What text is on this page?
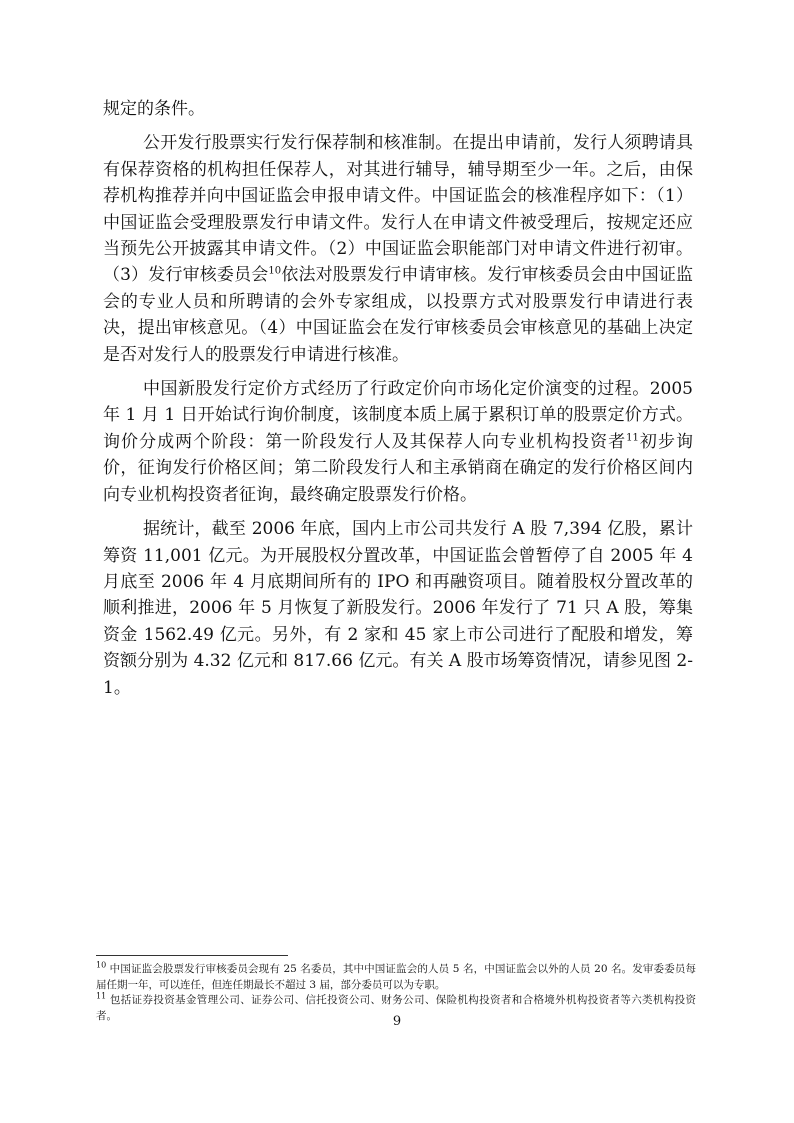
规定的条件。

公开发行股票实行发行保荐制和核准制。在提出申请前，发行人须聘请具有保荐资格的机构担任保荐人，对其进行辅导，辅导期至少一年。之后，由保荐机构推荐并向中国证监会申报申请文件。中国证监会的核准程序如下：（1）中国证监会受理股票发行申请文件。发行人在申请文件被受理后，按规定还应当预先公开披露其申请文件。（2）中国证监会职能部门对申请文件进行初审。（3）发行审核委员会$^{10}$依法对股票发行申请审核。发行审核委员会由中国证监会的专业人员和所聘请的会外专家组成，以投票方式对股票发行申请进行表决，提出审核意见。（4）中国证监会在发行审核委员会审核意见的基础上决定是否对发行人的股票发行申请进行核准。

中国新股发行定价方式经历了行政定价向市场化定价演变的过程。2005 年 1 月 1 日开始试行询价制度，该制度本质上属于累积订单的股票定价方式。询价分成两个阶段：第一阶段发行人及其保荐人向专业机构投资者$^{11}$初步询价，征询发行价格区间；第二阶段发行人和主承销商在确定的发行价格区间内向专业机构投资者征询，最终确定股票发行价格。

据统计，截至 2006 年底，国内上市公司共发行 A 股 7,394 亿股，累计筹资 11,001 亿元。为开展股权分置改革，中国证监会曾暂停了自 2005 年 4 月底至 2006 年 4 月底期间所有的 IPO 和再融资项目。随着股权分置改革的顺利推进，2006 年 5 月恢复了新股发行。2006 年发行了 71 只 A 股，筹集资金 1562.49 亿元。另外，有 2 家和 45 家上市公司进行了配股和增发，筹资额分别为 4.32 亿元和 817.66 亿元。有关 A 股市场筹资情况，请参见图 2-1。

$^{10}$ 中国证监会股票发行审核委员会现有 25 名委员，其中中国证监会的人员 5 名，中国证监会以外的人员 20 名。发审委委员每届任期一年，可以连任，但连任期最长不超过 3 届，部分委员可以为专职。

$^{11}$ 包括证券投资基金管理公司、证券公司、信托投资公司、财务公司、保险机构投资者和合格境外机构投资者等六类机构投资者。	9
